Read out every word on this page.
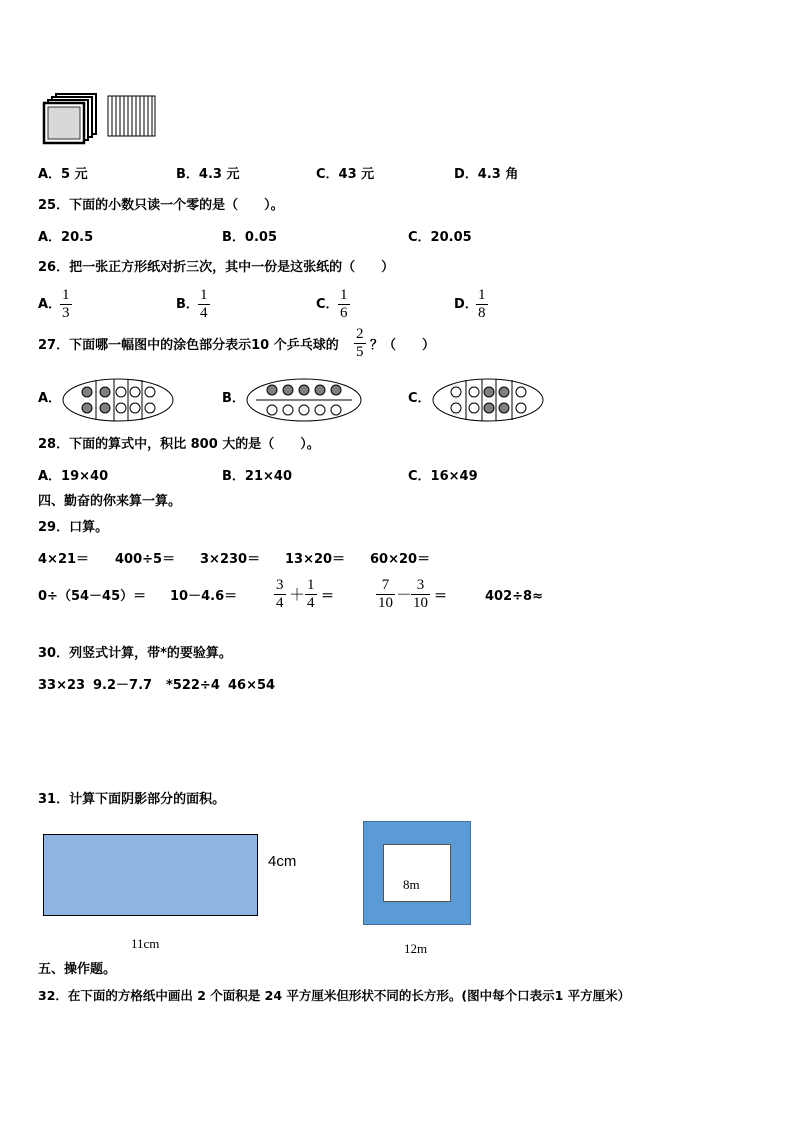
A．5 元	B．4.3 元	C．43 元	D．4.3 角
25．下面的小数只读一个零的是（　　）。
A．20.5	B．0.05	C．20.05
26．把一张正方形纸对折三次，其中一份是这张纸的（　　）
A．
1
3
B．
1
4
C．
1
6
D．
1
8
27．下面哪一幅图中的涂色部分表示10 个乒乓球的
2
5 ？（　　）
A．	B．	C．
28．下面的算式中，积比 800 大的是（　　）。
A．19×40	B．21×40	C．16×49
四、勤奋的你来算一算。
29．口算。
4×21＝ 400÷5＝ 3×230＝ 13×20＝ 60×20＝
0÷（54－45）＝ 10－4.6＝
3
4 ＋
1
4 ＝
7
10 －
3
10 ＝	402÷8≈
30．列竖式计算，带*的要验算。
33×23 9.2－7.7 *522÷4 46×54
31．计算下面阴影部分的面积。
4cm
11cm
8m
12m
五、操作题。
32．在下面的方格纸中画出 2 个面积是 24 平方厘米但形状不同的长方形。(图中每个口表示1 平方厘米）
